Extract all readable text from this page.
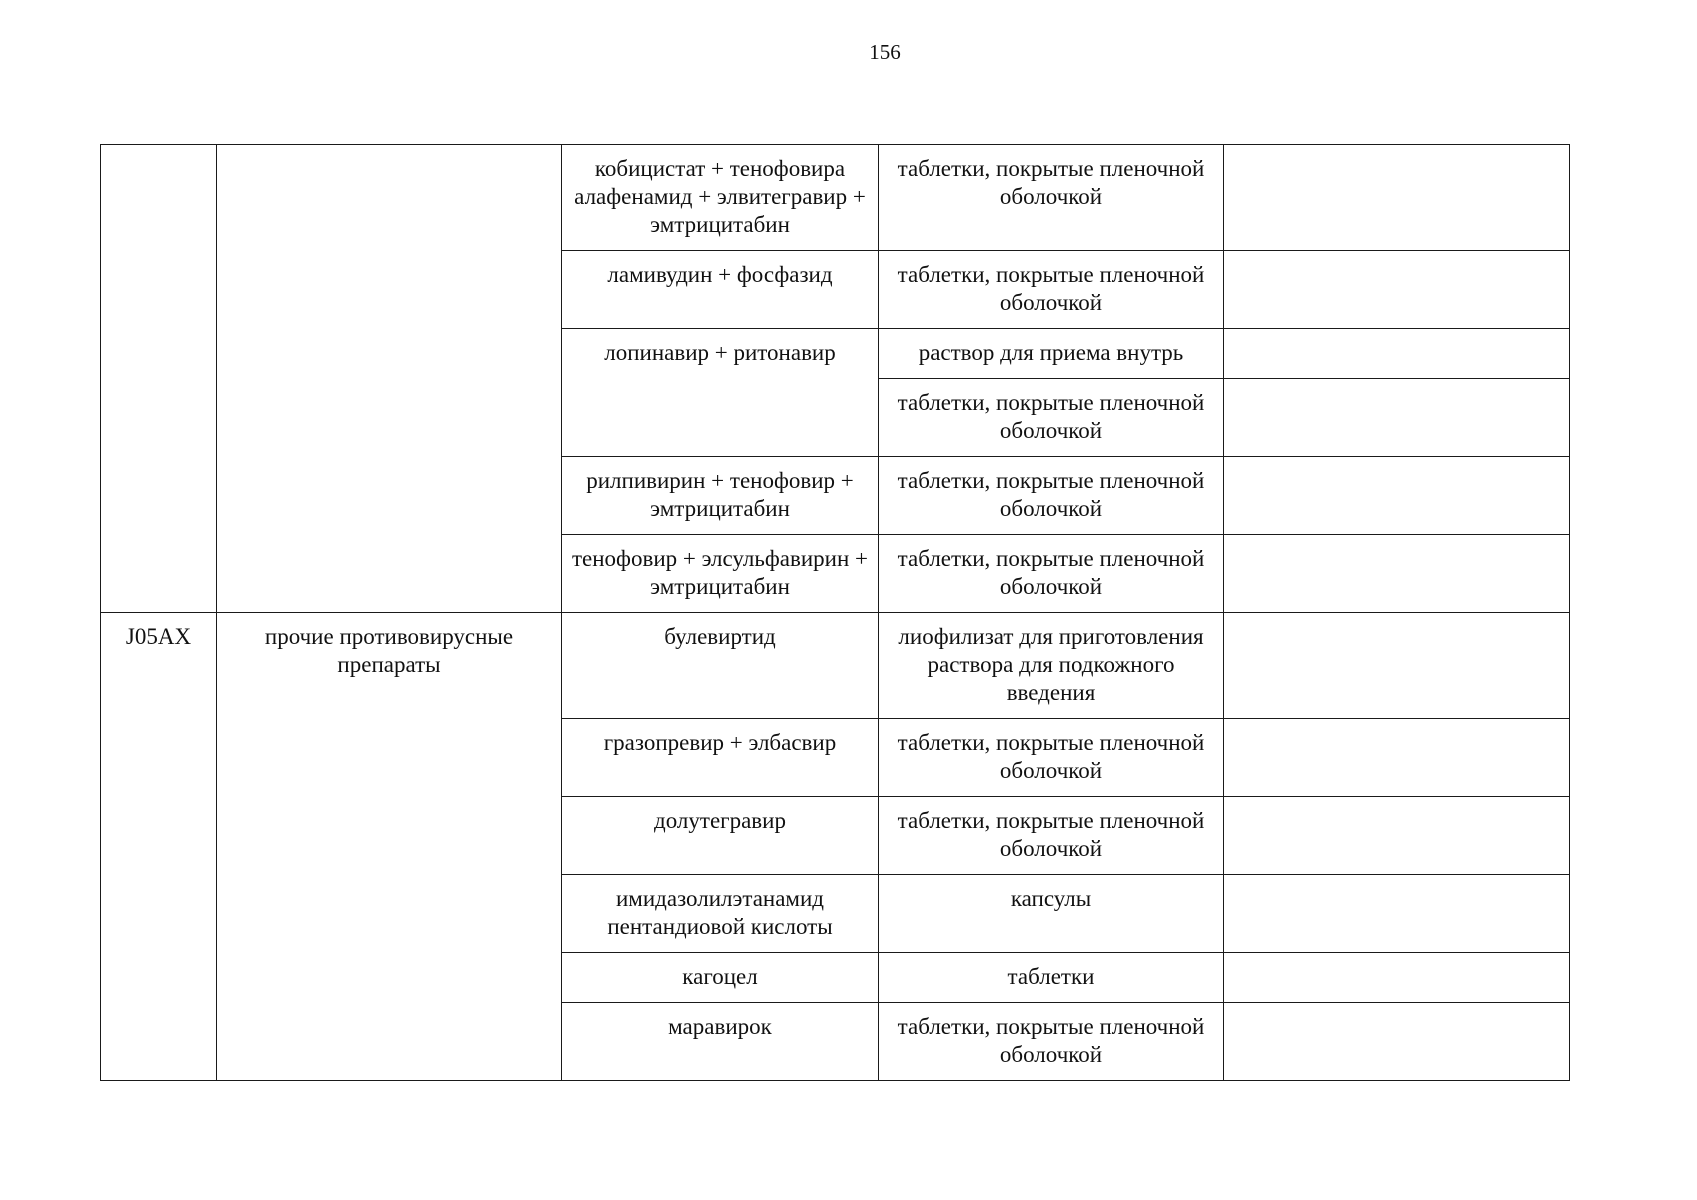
156
		кобицистат + тенофовира алафенамид + элвитегравир + эмтрицитабин	таблетки, покрытые пленочной оболочкой	
		ламивудин + фосфазид	таблетки, покрытые пленочной оболочкой	
		лопинавир + ритонавир	раствор для приема внутрь	
			таблетки, покрытые пленочной оболочкой	
		рилпивирин + тенофовир + эмтрицитабин	таблетки, покрытые пленочной оболочкой	
		тенофовир + элсульфавирин + эмтрицитабин	таблетки, покрытые пленочной оболочкой	
J05AX	прочие противовирусные препараты	булевиртид	лиофилизат для приготовления раствора для подкожного введения	
		гразопревир + элбасвир	таблетки, покрытые пленочной оболочкой	
		долутегравир	таблетки, покрытые пленочной оболочкой	
		имидазолилэтанамид пентандиовой кислоты	капсулы	
		кагоцел	таблетки	
		маравирок	таблетки, покрытые пленочной оболочкой	
